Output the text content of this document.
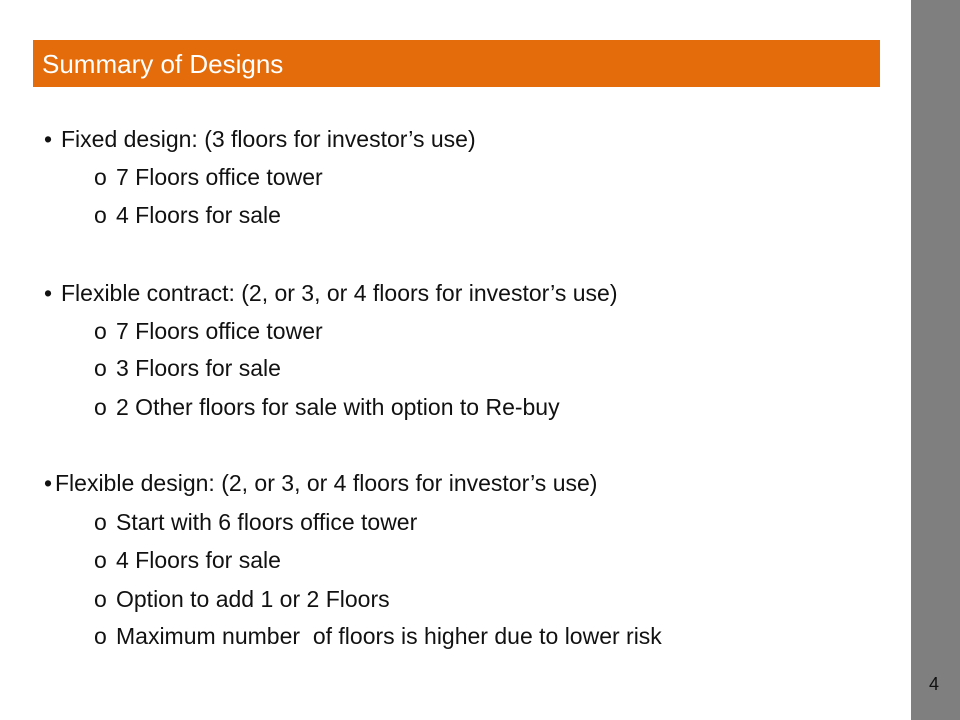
Summary of Designs
• Fixed design: (3 floors for investor’s use)
o 7 Floors office tower
o 4 Floors for sale
• Flexible contract: (2, or 3, or 4 floors for investor’s use)
o 7 Floors office tower
o 3 Floors for sale
o 2 Other floors for sale with option to Re-buy
• Flexible design: (2, or 3, or 4 floors for investor’s use)
o Start with 6 floors office tower
o 4 Floors for sale
o Option to add 1 or 2 Floors
o Maximum number  of floors is higher due to lower risk
4
